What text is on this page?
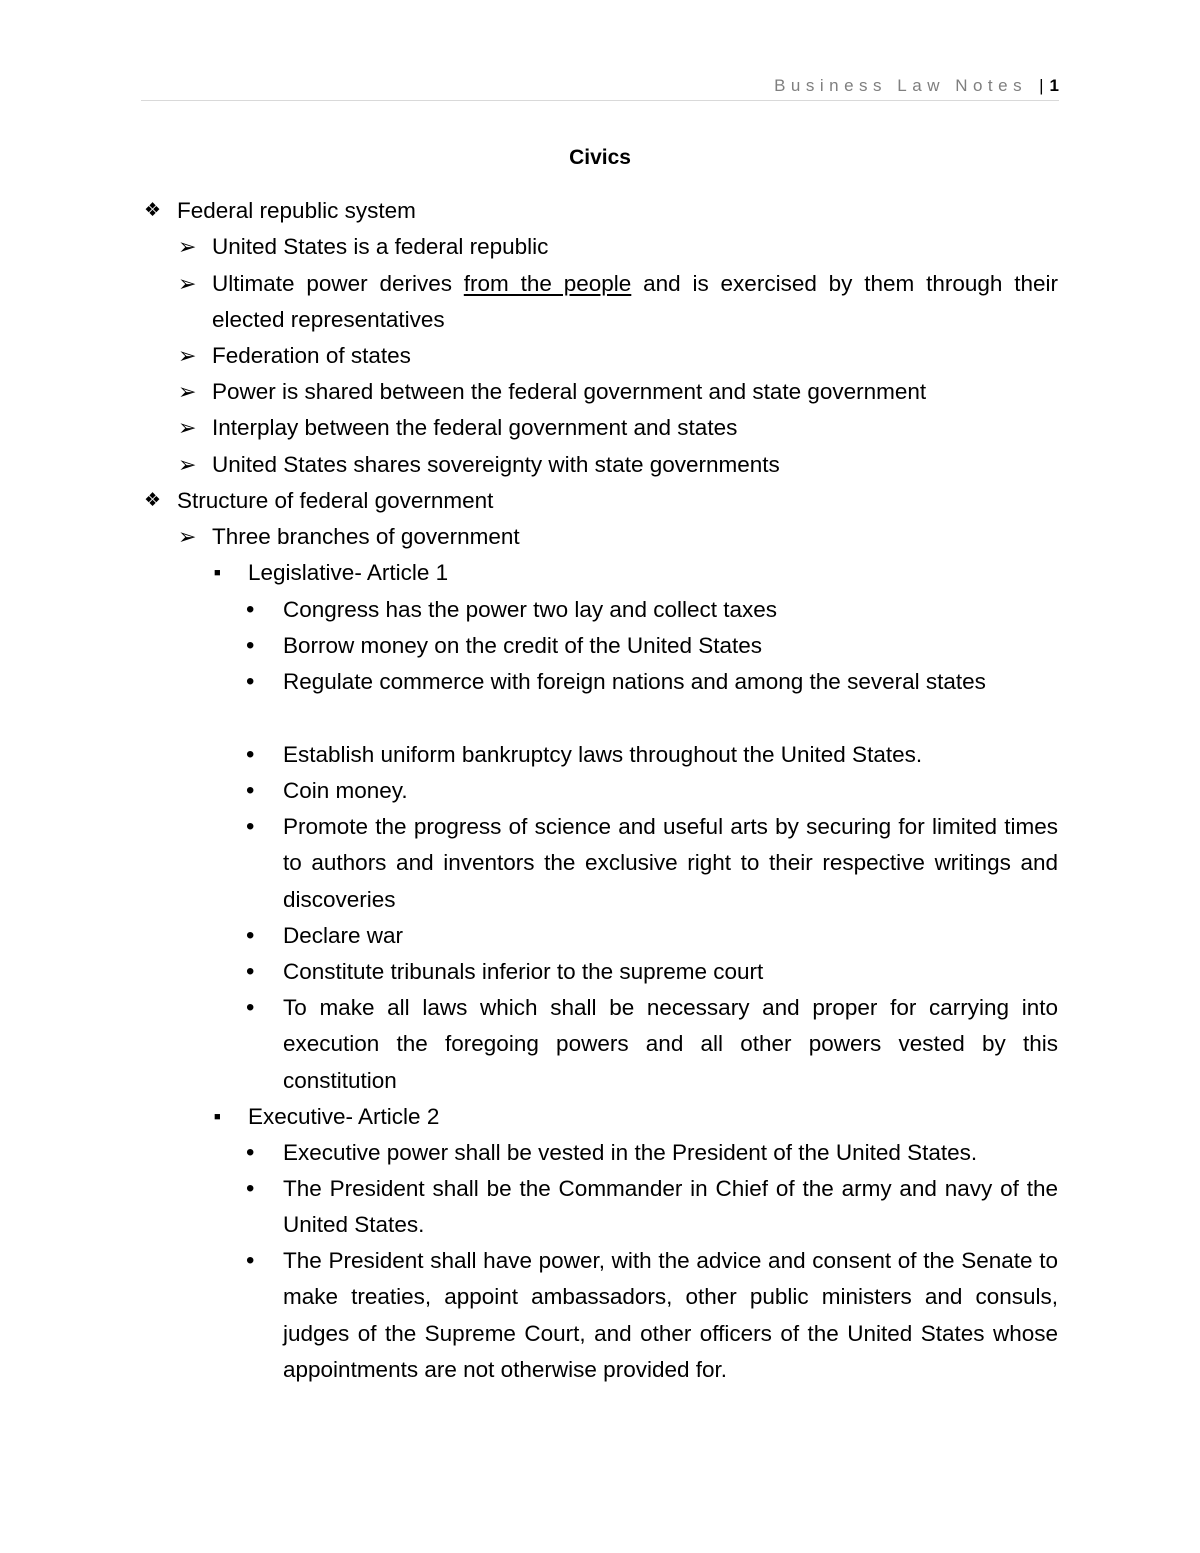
Business Law Notes | 1
Civics
❖ Federal republic system
➢ United States is a federal republic
➢ Ultimate power derives from the people and is exercised by them through their elected representatives
➢ Federation of states
➢ Power is shared between the federal government and state government
➢ Interplay between the federal government and states
➢ United States shares sovereignty with state governments
❖ Structure of federal government
➢ Three branches of government
■	Legislative- Article 1
•	Congress has the power two lay and collect taxes
•	Borrow money on the credit of the United States
•	Regulate commerce with foreign nations and among the several states
•	Establish uniform bankruptcy laws throughout the United States.
•	Coin money.
•	Promote the progress of science and useful arts by securing for limited times to authors and inventors the exclusive right to their respective writings and discoveries
•	Declare war
•	Constitute tribunals inferior to the supreme court
•	To make all laws which shall be necessary and proper for carrying into execution the foregoing powers and all other powers vested by this constitution
■	Executive- Article 2
•	Executive power shall be vested in the President of the United States.
•	The President shall be the Commander in Chief of the army and navy of the United States.
•	The President shall have power, with the advice and consent of the Senate to make treaties, appoint ambassadors, other public ministers and consuls, judges of the Supreme Court, and other officers of the United States whose appointments are not otherwise provided for.
